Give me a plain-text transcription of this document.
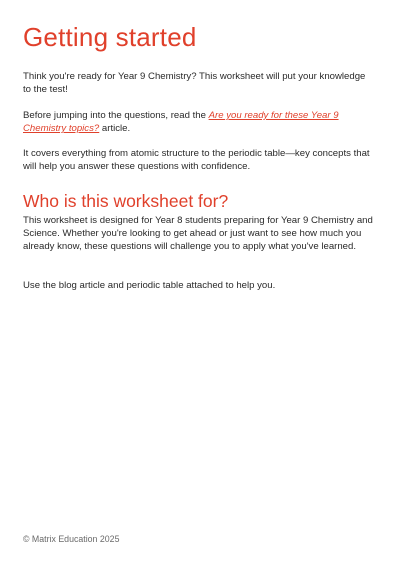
Getting started

Think you're ready for Year 9 Chemistry? This worksheet will put your knowledge to the test!

Before jumping into the questions, read the Are you ready for these Year 9 Chemistry topics? article.

It covers everything from atomic structure to the periodic table—key concepts that will help you answer these questions with confidence.

Who is this worksheet for?

This worksheet is designed for Year 8 students preparing for Year 9 Chemistry and Science. Whether you're looking to get ahead or just want to see how much you already know, these questions will challenge you to apply what you've learned.

Use the blog article and periodic table attached to help you.

© Matrix Education 2025
